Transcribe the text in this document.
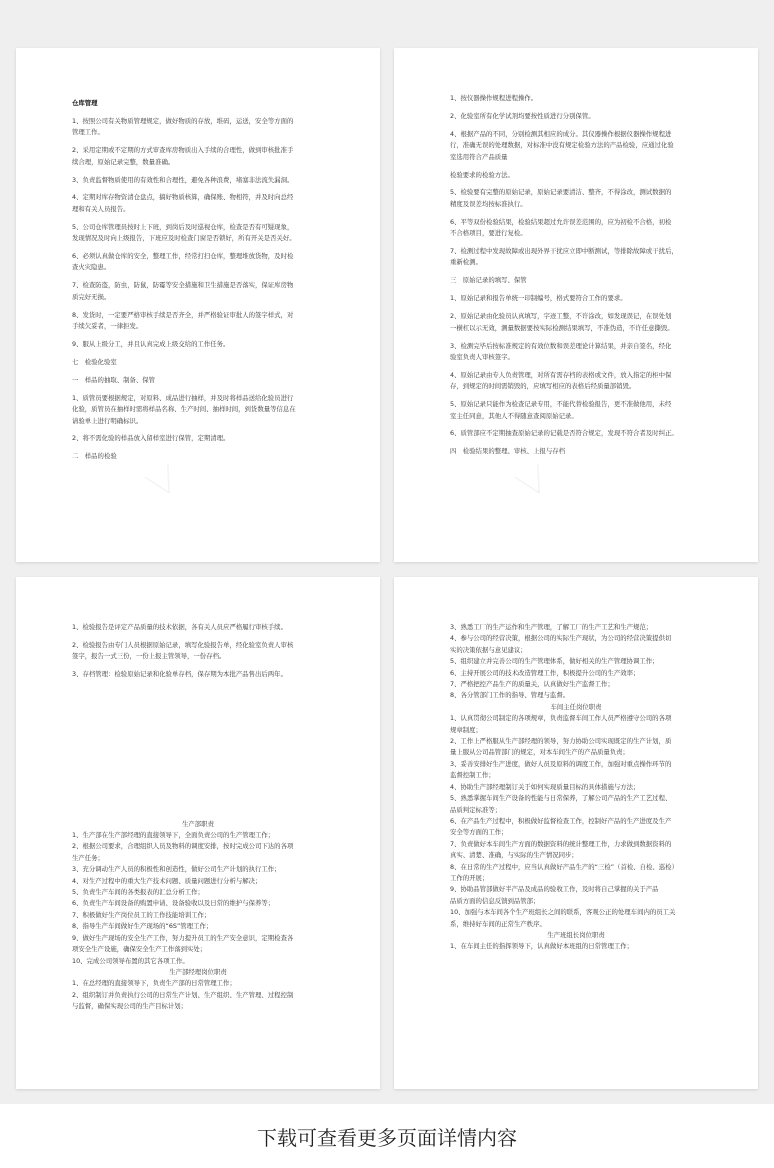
仓库管理
1、按照公司有关物质管理规定，做好物质的存放，堆码，运送，安全等方面的
管理工作。
2、采用定期或不定期的方式审查库房物质出入手续的合理性，做到审核批准手
续合理，原始记录完整，数量准确。
3、负责监督物质使用的有效性和合理性，避免各种浪费，堵塞非法流失漏洞。
4、定期对库存物资清仓盘点，搞好物质核算，确保账、物相符，并及时向总经
理和有关人员报告。
5、公司仓库管理员按时上下班，到岗后及时巡视仓库，检查是否有可疑现象，
发现情况及时向上级报告，下班应及时检查门窗是否锁好，所有开关是否关好。
6、必须认真做仓库的安全，整理工作，经常打扫仓库，整理堆放货物，及时检
查火灾隐患。
7、检查防盗，防虫，防鼠，防霉等安全措施和卫生措施是否落实，保证库房物
质完好无损。
8、发货时，一定要严格审核手续是否齐全，并严格验证审批人的签字样式，对
手续欠妥者，一律拒发。
9、服从上级分工，并且认真完成上级交给的工作任务。
七　检验化验室
一　样品的抽取、制备、保管
1、质管员要根据规定，对原料、成品进行抽样，并及时将样品送给化验员进行
化验，质管员在抽样时需将样品名称、生产时间、抽样时间，到货数量等信息在
请验单上进行明确标识。
2、将不需化验的样品放入留样室进行保管，定期清理。
二　样品的检验
1、按仪器操作规程进程操作。
2、化验室所有化学试剂均要按性质进行分别保管。
4、根据产品的不同，分别检测其相应的成分。其仪器操作根据仪器操作规程进
行，准确无误的处理数据，对标准中没有规定检验方法的产品检验，应通过化验
室选用符合产品质量
检验要求的检验方法。
5、检验要有完整的原始记录，原始记录要清洁、整齐，不得涂改，测试数据的
精度及误差均按标准执行。
6、平等双份检验结果，检验结果超过允许误差范围的，应为初检不合格，初检
不合格项目，要进行复检。
7、检测过程中发现故障或出现外界干扰应立即中断测试，等排除故障或干扰后，
重新检测。
三　原始记录的填写、保管
1、原始记录和报告单统一印制编号，格式要符合工作的要求。
2、原始记录由化验员认真填写，字迹工整，不许涂改，如发现误记，在误处划
一横杠以示无效，测量数据要按实际检测结果填写，不准伪造，不许任意撕毁。
3、检测完毕后按标准规定的有效位数和误差理论计算结果，并亲自签名，经化
验室负责人审核签字。
4、原始记录由专人负责管理，对所有需存档的表格或文件，放入指定的柜中保
存，到规定的时间需销毁的，应填写相应的表格后经质量部销毁。
5、原始记录只能作为检查记录专用，不能代替检验报告，更不准做他用，未经
室主任同意，其他人不得随意查阅原始记录。
6、质管部应不定期抽查原始记录的记载是否符合规定，发现不符合者及时纠正。
四　检验结果的整理、审核、上报与存档
1、检验报告是评定产品质量的技术依据，各有关人员应严格履行审核手续。
2、检验报告由专门人员根据原始记录，填写化验报告单，经化验室负责人审核
签字，报告一式三份，一份上报主管领导，一份存档。
3、存档管理：检验原始记录和化验单存档，保存期为本批产品售出后两年。
生产部职责
1、生产部在生产部经理的直接领导下，全面负责公司的生产管理工作；
2、根据公司要求，合理组织人员及物料的调度安排，按时完成公司下达的各项
生产任务；
3、充分调动生产人员的积极性和创造性，做好公司生产计划的执行工作；
4、对生产过程中的重大生产技术问题、质量问题进行分析与解决；
5、负责生产车间的各类报表的汇总分析工作；
6、负责生产车间设备的购置申请、设备验收以及日常的维护与保养等；
7、积极做好生产岗位员工的工作技能培训工作；
8、指导生产车间做好生产现场的“6S”管理工作；
9、做好生产现场的安全生产工作，努力提升员工的生产安全意识，定期检查各
项安全生产设施，确保安全生产工作落到实处；
10、完成公司领导布置的其它各项工作。
生产部经理岗位职责
1、在总经理的直接领导下，负责生产部的日常管理工作；
2、组织制订并负责执行公司的日常生产计划、生产组织、生产管理、过程控制
与监督，确保实现公司的生产目标计划；
3、熟悉工厂的生产运作和生产管理，了解工厂的生产工艺和生产规范；
4、参与公司的经营决策，根据公司的实际生产现状，为公司的经营决策提供切
实的决策依据与意见建议；
5、组织建立并完善公司的生产管理体系，做好相关的生产管理协调工作；
6、主持开展公司的技术改造管理工作，积极提升公司的生产效率；
7、严格把控产品生产的质量关，认真做好生产监督工作；
8、各分管部门工作的指导、管理与监督。
车间主任岗位职责
1、认真贯彻公司制定的各项规章，负责监督车间工作人员严格遵守公司的各项
规章制度；
2、工作上严格服从生产部经理的领导，努力协助公司实现既定的生产计划，质
量上服从公司品管部门的规定，对本车间生产的产品质量负责；
3、妥善安排好生产进度，做好人员及原料的调度工作，加强对重点操作环节的
监督控制工作；
4、协助生产部经理制订关于如何实现质量目标的具体措施与方法；
5、熟悉掌握车间生产设备的性能与日常保养，了解公司产品的生产工艺过程、
品质判定标准等；
6、在产品生产过程中，积极做好监督检查工作，控制好产品的生产进度及生产
安全等方面的工作；
7、负责做好本车间生产方面的数据资料的统计整理工作，力求做到数据资料的
真实、清楚、准确，与实际的生产情况同步；
8、在日常的生产过程中，应当认真做好产品生产的“三检”（首检、自检、巡检）
工作的开展；
9、协助品管部做好半产品及成品的验收工作，及时将自己掌握的关于产品
品质方面的信息反馈到品管部；
10、加强与本车间各个生产班组长之间的联系，客观公正的处理车间内的员工关
系，维持好车间的正常生产秩序。
生产班组长岗位职责
1、在车间主任的指挥领导下，认真做好本班组的日常管理工作；
下载可查看更多页面详情内容
